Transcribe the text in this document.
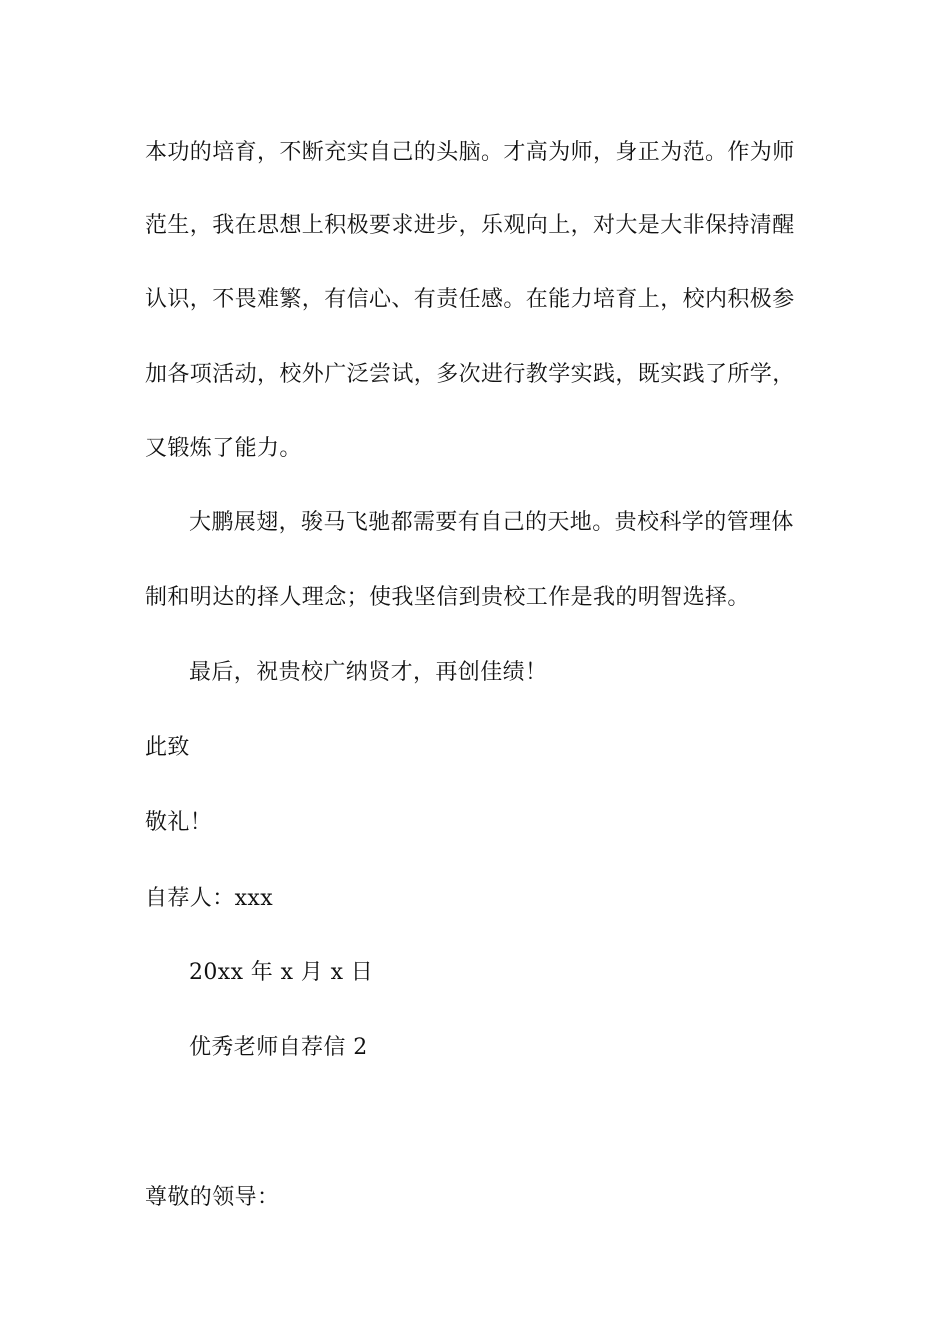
本功的培育，不断充实自己的头脑。才高为师，身正为范。作为师
范生，我在思想上积极要求进步，乐观向上，对大是大非保持清醒
认识，不畏难繁，有信心、有责任感。在能力培育上，校内积极参
加各项活动，校外广泛尝试，多次进行教学实践，既实践了所学，
又锻炼了能力。
大鹏展翅，骏马飞驰都需要有自己的天地。贵校科学的管理体
制和明达的择人理念；使我坚信到贵校工作是我的明智选择。
最后，祝贵校广纳贤才，再创佳绩！
此致
敬礼！
自荐人：xxx
20xx 年 x 月 x 日
优秀老师自荐信 2
尊敬的领导：
